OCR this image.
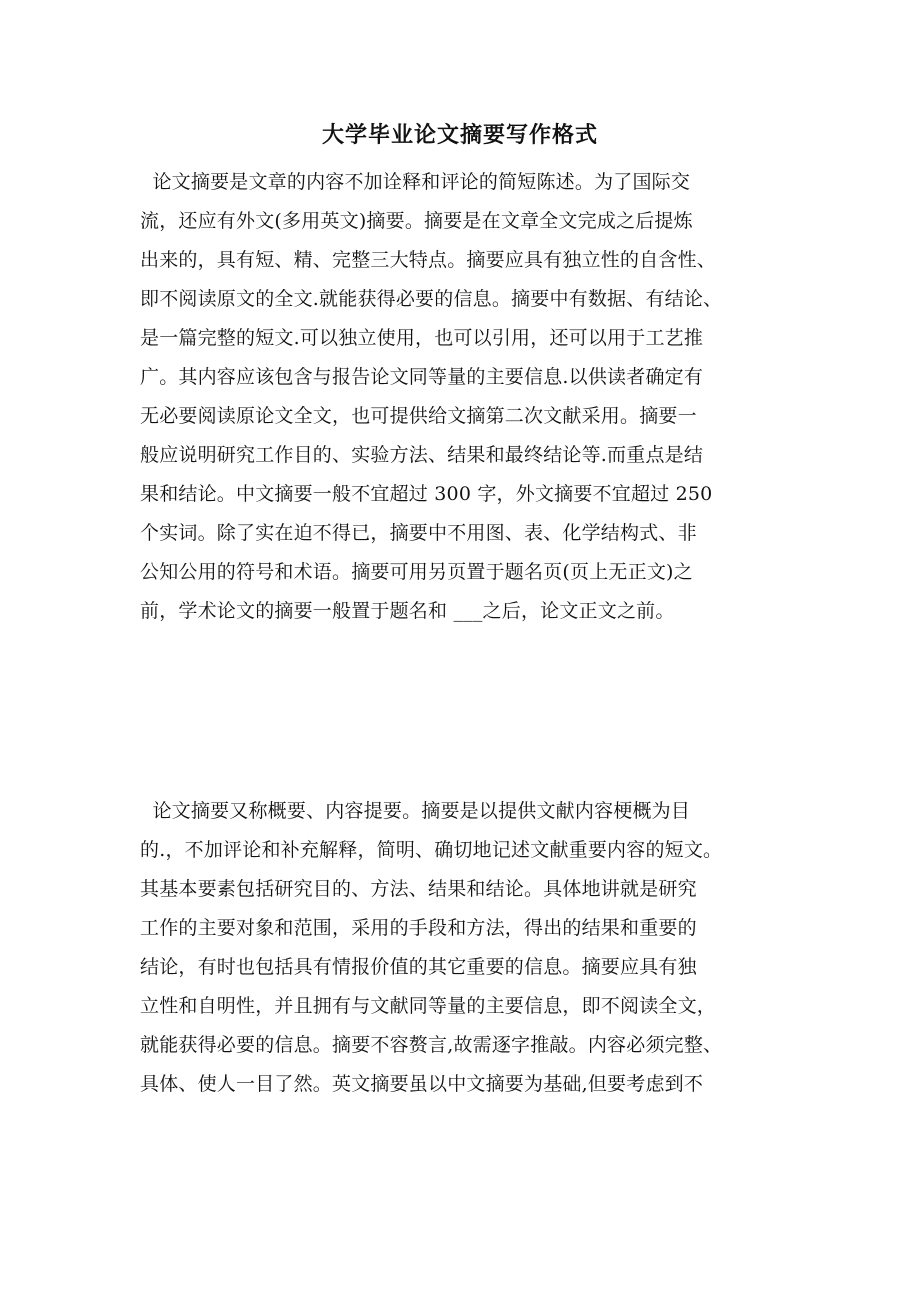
大学毕业论文摘要写作格式
论文摘要是文章的内容不加诠释和评论的简短陈述。为了国际交
流，还应有外文(多用英文)摘要。摘要是在文章全文完成之后提炼
出来的，具有短、精、完整三大特点。摘要应具有独立性的自含性、
即不阅读原文的全文.就能获得必要的信息。摘要中有数据、有结论、
是一篇完整的短文.可以独立使用，也可以引用，还可以用于工艺推
广。其内容应该包含与报告论文同等量的主要信息.以供读者确定有
无必要阅读原论文全文，也可提供给文摘第二次文献采用。摘要一
般应说明研究工作目的、实验方法、结果和最终结论等.而重点是结
果和结论。中文摘要一般不宜超过 300 字，外文摘要不宜超过 250
个实词。除了实在迫不得已，摘要中不用图、表、化学结构式、非
公知公用的符号和术语。摘要可用另页置于题名页(页上无正文)之
前，学术论文的摘要一般置于题名和 ___之后，论文正文之前。
论文摘要又称概要、内容提要。摘要是以提供文献内容梗概为目
的.，不加评论和补充解释，简明、确切地记述文献重要内容的短文。
其基本要素包括研究目的、方法、结果和结论。具体地讲就是研究
工作的主要对象和范围，采用的手段和方法，得出的结果和重要的
结论，有时也包括具有情报价值的其它重要的信息。摘要应具有独
立性和自明性，并且拥有与文献同等量的主要信息，即不阅读全文，
就能获得必要的信息。摘要不容赘言,故需逐字推敲。内容必须完整、
具体、使人一目了然。英文摘要虽以中文摘要为基础,但要考虑到不
